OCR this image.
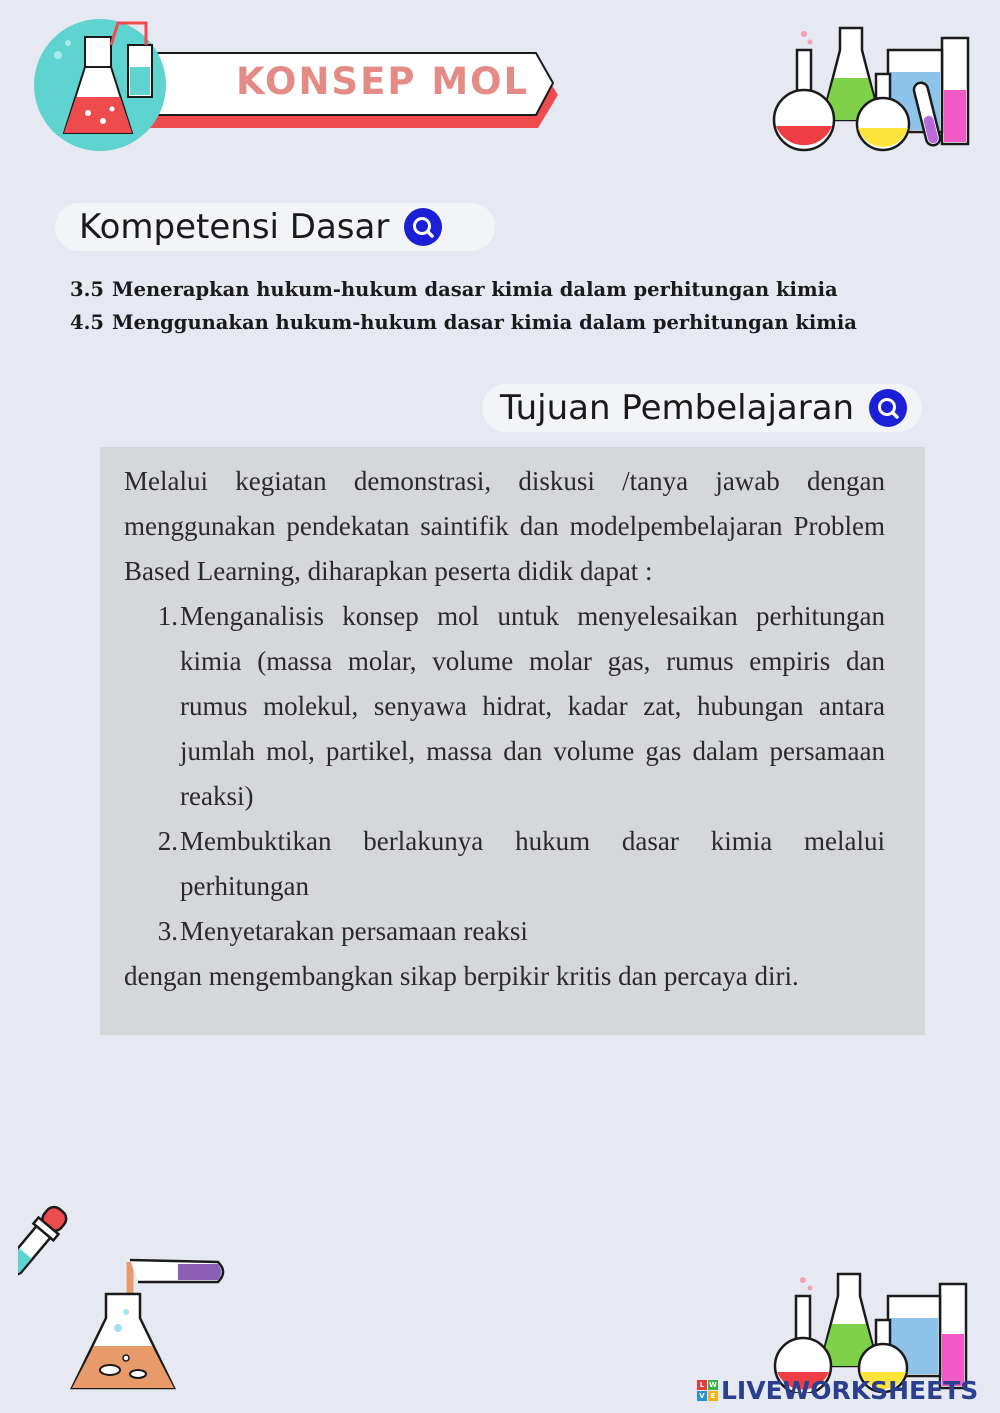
KONSEP MOL
Kompetensi Dasar
3.5 Menerapkan hukum-hukum dasar kimia dalam perhitungan kimia
4.5 Menggunakan hukum-hukum dasar kimia dalam perhitungan kimia
Tujuan Pembelajaran
Melalui kegiatan demonstrasi, diskusi /tanya jawab dengan menggunakan pendekatan saintifik dan modelpembelajaran Problem Based Learning, diharapkan peserta didik dapat :
1. Menganalisis konsep mol untuk menyelesaikan perhitungan kimia (massa molar, volume molar gas, rumus empiris dan rumus molekul, senyawa hidrat, kadar zat, hubungan antara jumlah mol, partikel, massa dan volume gas dalam persamaan reaksi)
2. Membuktikan berlakunya hukum dasar kimia melalui perhitungan
3. Menyetarakan persamaan reaksi
dengan mengembangkan sikap berpikir kritis dan percaya diri.
L W
V E LIVEWORKSHEETS
